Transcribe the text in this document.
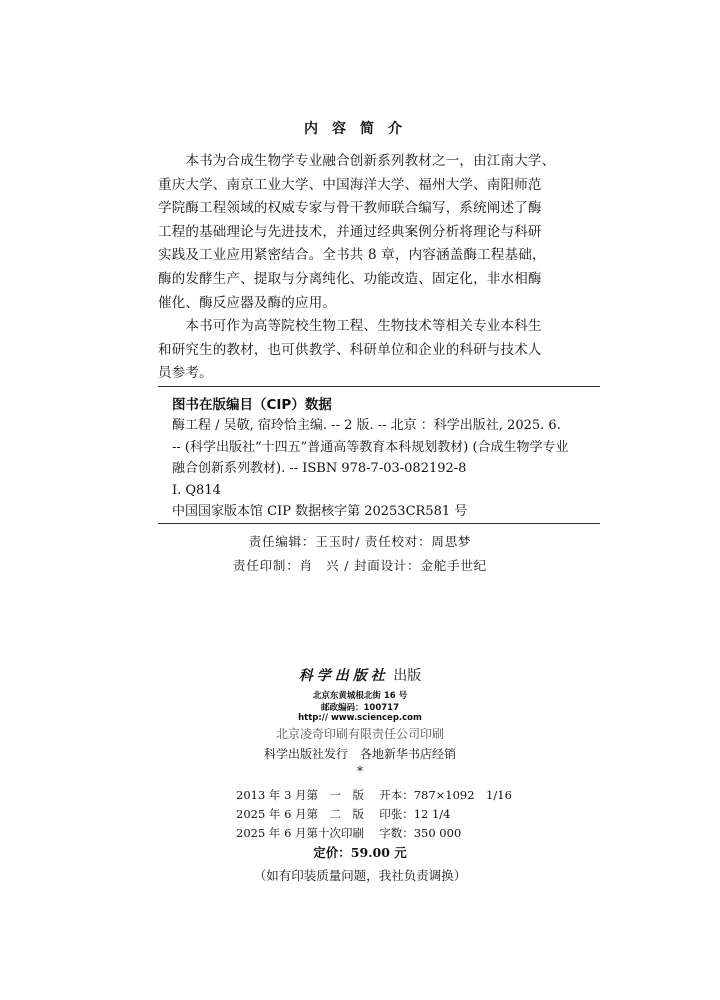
内容简介

　　本书为合成生物学专业融合创新系列教材之一，由江南大学、

重庆大学、南京工业大学、中国海洋大学、福州大学、南阳师范

学院酶工程领域的权威专家与骨干教师联合编写，系统阐述了酶

工程的基础理论与先进技术，并通过经典案例分析将理论与科研

实践及工业应用紧密结合。全书共 8 章，内容涵盖酶工程基础，

酶的发酵生产、提取与分离纯化、功能改造、固定化，非水相酶

催化、酶反应器及酶的应用。

　　本书可作为高等院校生物工程、生物技术等相关专业本科生

和研究生的教材，也可供教学、科研单位和企业的科研与技术人

员参考。

图书在版编目（CIP）数据

酶工程 / 吴敬, 宿玲恰主编. -- 2 版. -- 北京 ：科学出版社, 2025. 6.

-- (科学出版社“十四五”普通高等教育本科规划教材) (合成生物学专业

融合创新系列教材). -- ISBN 978-7-03-082192-8

Ⅰ. Q814

中国国家版本馆 CIP 数据核字第 20253CR581 号

责任编辑：王玉时/ 责任校对：周思梦
责任印制：肖　兴 / 封面设计：金舵手世纪
科学出版社 出版
北京东黄城根北街 16 号
邮政编码：100717
http:// www.sciencep.com
北京凌奇印刷有限责任公司印刷
科学出版社发行　各地新华书店经销
*
2013 年 3 月第　一　版　 开本：787×1092　1/16
2025 年 6 月第　二　版　 印张：12 1/4
2025 年 6 月第十次印刷　 字数：350 000
定价：59.00 元
（如有印装质量问题，我社负责调换）
